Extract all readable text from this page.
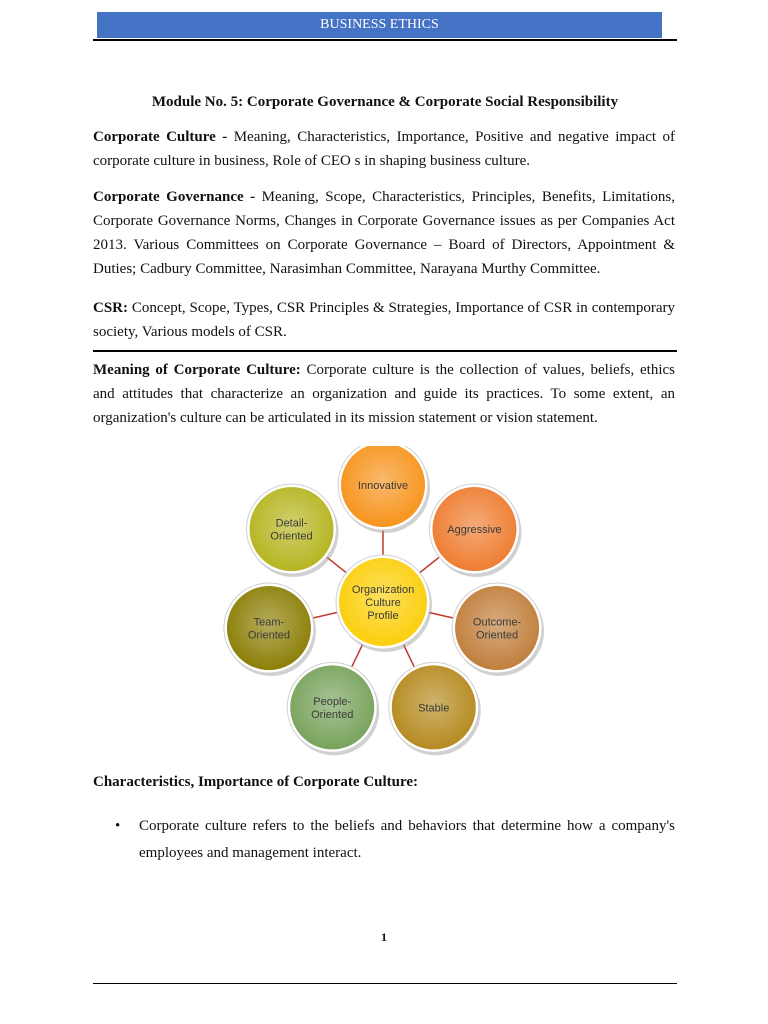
BUSINESS ETHICS
Module No. 5: Corporate Governance & Corporate Social Responsibility
Corporate Culture - Meaning, Characteristics, Importance, Positive and negative impact of corporate culture in business, Role of CEO s in shaping business culture.
Corporate Governance - Meaning, Scope, Characteristics, Principles, Benefits, Limitations, Corporate Governance Norms, Changes in Corporate Governance issues as per Companies Act 2013. Various Committees on Corporate Governance – Board of Directors, Appointment & Duties; Cadbury Committee, Narasimhan Committee, Narayana Murthy Committee.
CSR: Concept, Scope, Types, CSR Principles & Strategies, Importance of CSR in contemporary society, Various models of CSR.
Meaning of Corporate Culture: Corporate culture is the collection of values, beliefs, ethics and attitudes that characterize an organization and guide its practices. To some extent, an organization's culture can be articulated in its mission statement or vision statement.
Innovative
Aggressive
Outcome-Oriented
Stable
People-Oriented
Team-Oriented
Detail-Oriented
Organization Culture Profile
Characteristics, Importance of Corporate Culture:
• Corporate culture refers to the beliefs and behaviors that determine how a company's employees and management interact.
1
